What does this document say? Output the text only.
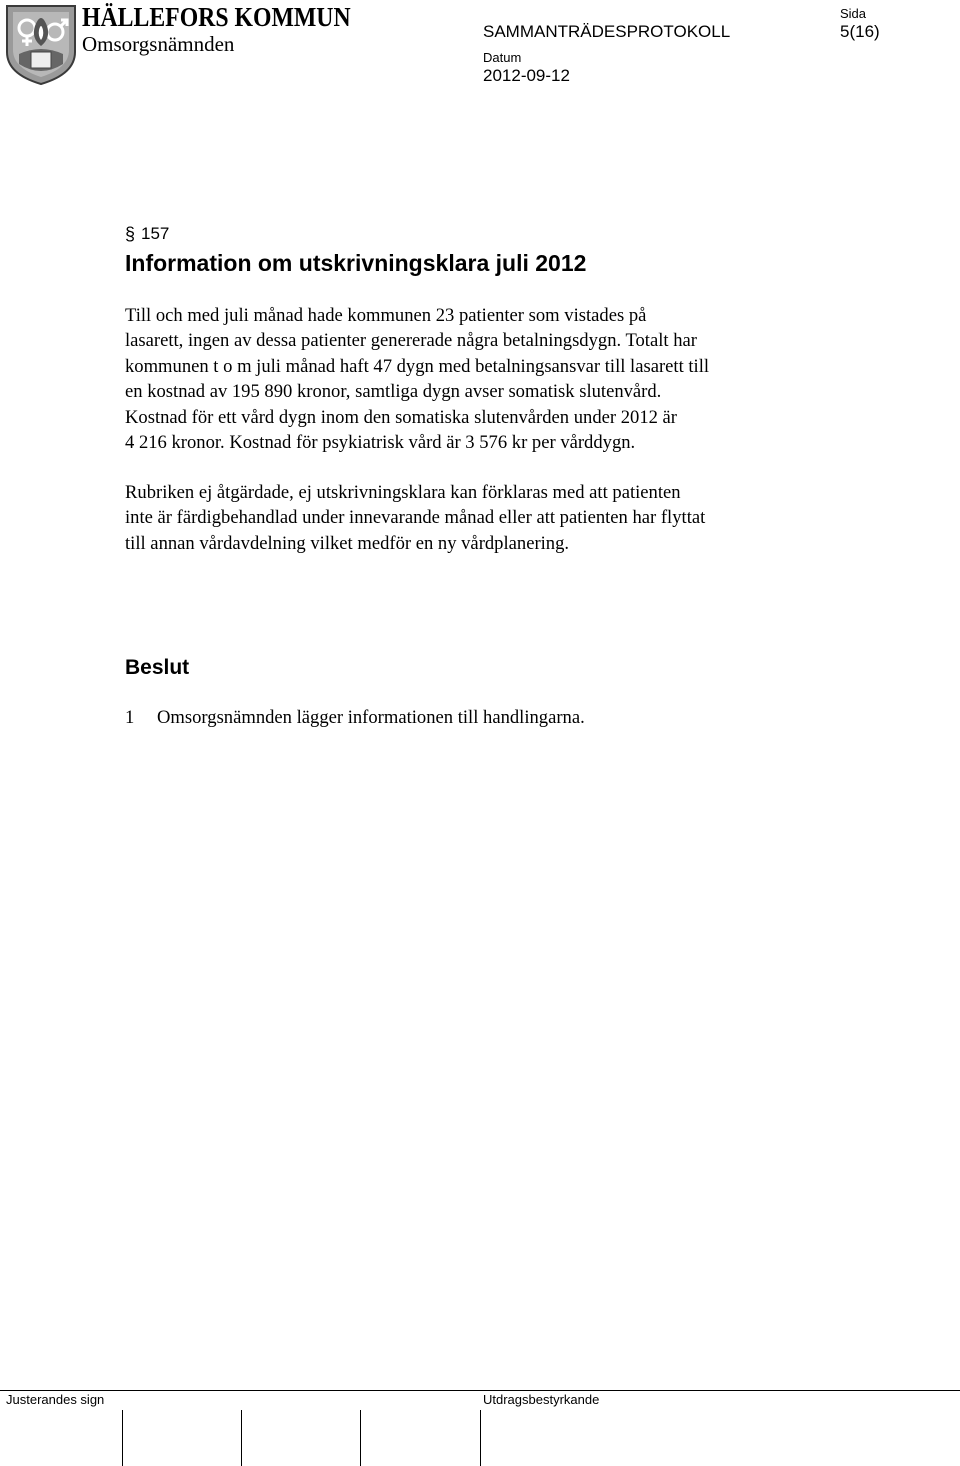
HÄLLEFORS KOMMUN
Omsorgsnämnden
SAMMANTRÄDESPROTOKOLL
Sida
5(16)
Datum
2012-09-12
§ 157
Information om utskrivningsklara juli 2012
Till och med juli månad hade kommunen 23 patienter som vistades på
lasarett, ingen av dessa patienter genererade några betalningsdygn. Totalt har
kommunen t o m juli månad haft 47 dygn med betalningsansvar till lasarett till
en kostnad av 195 890 kronor, samtliga dygn avser somatisk slutenvård.
Kostnad för ett vård dygn inom den somatiska slutenvården under 2012 är
4 216 kronor. Kostnad för psykiatrisk vård är 3 576 kr per vårddygn.
Rubriken ej åtgärdade, ej utskrivningsklara kan förklaras med att patienten
inte är färdigbehandlad under innevarande månad eller att patienten har flyttat
till annan vårdavdelning vilket medför en ny vårdplanering.
Beslut
1 Omsorgsnämnden lägger informationen till handlingarna.
Justerandes sign	Utdragsbestyrkande
